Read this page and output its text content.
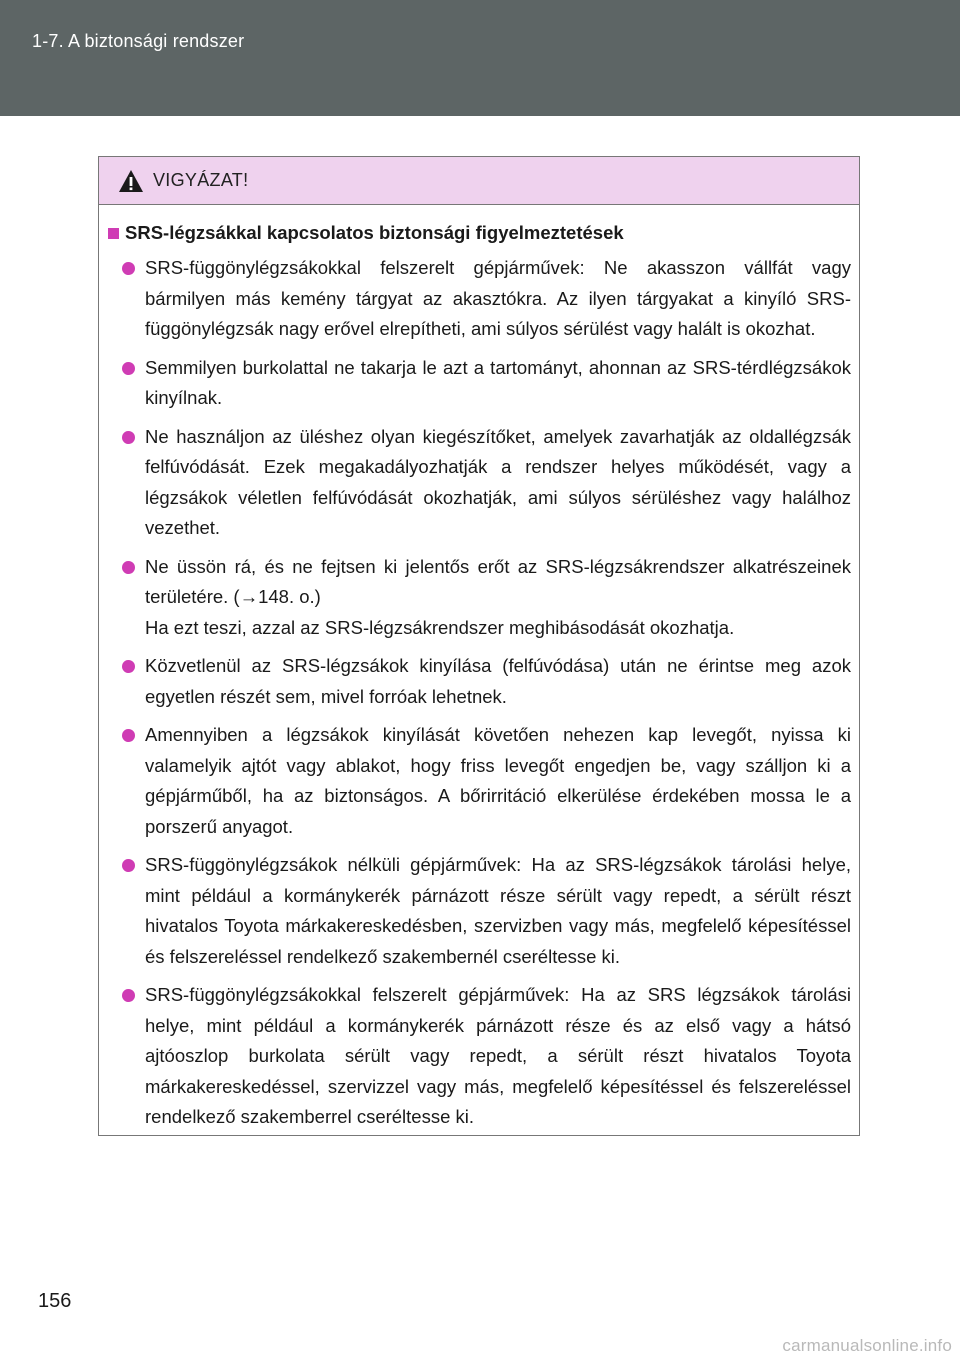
1-7. A biztonsági rendszer
VIGYÁZAT!
SRS-légzsákkal kapcsolatos biztonsági figyelmeztetések
SRS-függönylégzsákokkal felszerelt gépjárművek: Ne akasszon vállfát vagy bármilyen más kemény tárgyat az akasztókra. Az ilyen tárgyakat a kinyíló SRS-függönylégzsák nagy erővel elrepítheti, ami súlyos sérülést vagy halált is okozhat.
Semmilyen burkolattal ne takarja le azt a tartományt, ahonnan az SRS-térdlégzsákok kinyílnak.
Ne használjon az üléshez olyan kiegészítőket, amelyek zavarhatják az oldallégzsák felfúvódását. Ezek megakadályozhatják a rendszer helyes működését, vagy a légzsákok véletlen felfúvódását okozhatják, ami súlyos sérüléshez vagy halálhoz vezethet.
Ne üssön rá, és ne fejtsen ki jelentős erőt az SRS-légzsákrendszer alkatrészeinek területére. (→148. o.)
Ha ezt teszi, azzal az SRS-légzsákrendszer meghibásodását okozhatja.
Közvetlenül az SRS-légzsákok kinyílása (felfúvódása) után ne érintse meg azok egyetlen részét sem, mivel forróak lehetnek.
Amennyiben a légzsákok kinyílását követően nehezen kap levegőt, nyissa ki valamelyik ajtót vagy ablakot, hogy friss levegőt engedjen be, vagy szálljon ki a gépjárműből, ha az biztonságos. A bőrirritáció elkerülése érdekében mossa le a porszerű anyagot.
SRS-függönylégzsákok nélküli gépjárművek: Ha az SRS-légzsákok tárolási helye, mint például a kormánykerék párnázott része sérült vagy repedt, a sérült részt hivatalos Toyota márkakereskedésben, szervizben vagy más, megfelelő képesítéssel és felszereléssel rendelkező szakembernél cseréltesse ki.
SRS-függönylégzsákokkal felszerelt gépjárművek: Ha az SRS légzsákok tárolási helye, mint például a kormánykerék párnázott része és az első vagy a hátsó ajtóoszlop burkolata sérült vagy repedt, a sérült részt hivatalos Toyota márkakereskedéssel, szervizzel vagy más, megfelelő képesítéssel és felszereléssel rendelkező szakemberrel cseréltesse ki.
156
carmanualsonline.info
